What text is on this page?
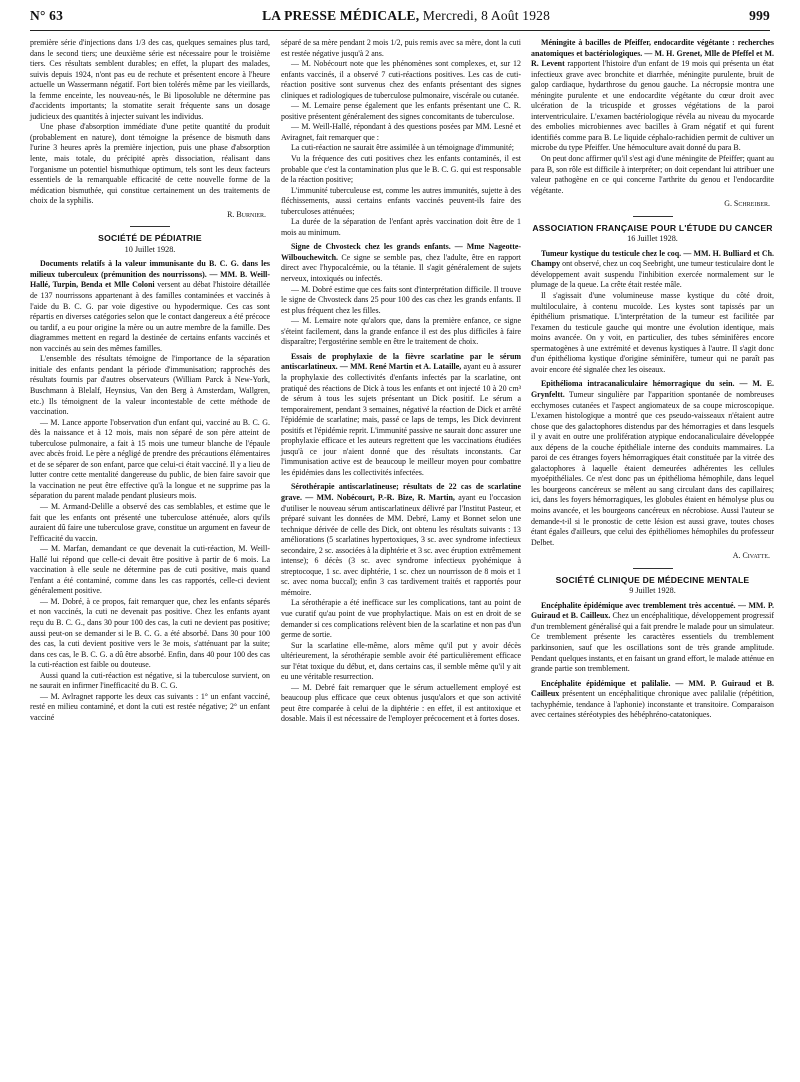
N° 63	LA PRESSE MÉDICALE, Mercredi, 8 Août 1928	999

première série d'injections dans 1/3 des cas, quelques semaines plus tard, dans le second tiers; une deuxième série est nécessaire pour le troisième tiers. Ces résultats semblent durables; en effet, la plupart des malades, suivis depuis 1924, n'ont pas eu de rechute et présentent encore à l'heure actuelle un Wassermann négatif. Fort bien tolérés même par les vieillards, la femme enceinte, les nouveau-nés, le Bi liposoluble ne détermine pas d'accidents importants; la stomatite serait fréquente sans un dosage judicieux des quantités à injecter suivant les individus.

Une phase d'absorption immédiate d'une petite quantité du produit (probablement en nature), dont témoigne la présence de bismuth dans l'urine 3 heures après la première injection, puis une phase d'absorption lente, mais totale, du précipité après dissociation, réalisant dans l'organisme un potentiel bismuthique optimum, tels sont les deux facteurs essentiels de la remarquable efficacité de cette nouvelle forme de la médication bismuthée, qui constitue certainement un des traitements de choix de la syphilis.

R. Burnier.
SOCIÉTÉ DE PÉDIATRIE
10 Juillet 1928.

Documents relatifs à la valeur immunisante du B. C. G. dans les milieux tuberculeux (prémunition des nourrissons). — MM. B. Weill-Hallé, Turpin, Benda et Mlle Coloni versent au débat l'histoire détaillée de 137 nourrissons appartenant à des familles contaminées et vaccinés à l'aide du B. C. G. par voie digestive ou hypodermique. Ces cas sont répartis en diverses catégories selon que le contact dangereux a été précoce ou tardif, a eu pour origine la mère ou un autre membre de la famille. Des diagrammes mettent en regard la destinée de certains enfants vaccinés et non vaccinés au sein des mêmes familles.

L'ensemble des résultats témoigne de l'importance de la séparation initiale des enfants pendant la période d'immunisation; rapprochés des résultats fournis par d'autres observateurs (William Parck à New-York, Buschmann à Blelalf, Heynsius, Van den Berg à Amsterdam, Wallgren, etc.) Ils témoignent de la valeur incontestable de cette méthode de vaccination.

— M. Lance apporte l'observation d'un enfant qui, vacciné au B. C. G. dès la naissance et à 12 mois, mais non séparé de son père atteint de tuberculose pulmonaire, a fait à 15 mois une tumeur blanche de l'épaule avec abcès froid. Le père a négligé de prendre des précautions élémentaires et de se séparer de son enfant, parce que celui-ci était vacciné. Il y a lieu de lutter contre cette mentalité dangereuse du public, de bien faire savoir que la vaccination ne peut être effective qu'à la longue et ne supprime pas la séparation du parent malade pendant plusieurs mois.

— M. Armand-Delille a observé des cas semblables, et estime que le fait que les enfants ont présenté une tuberculose atténuée, alors qu'ils auraient dû faire une tuberculose grave, constitue un argument en faveur de l'efficacité du vaccin.

— M. Marfan, demandant ce que devenait la cuti-réaction, M. Weill-Hallé lui répond que celle-ci devait être positive à partir de 6 mois. La vaccination à elle seule ne détermine pas de cuti positive, mais quand l'enfant a été contaminé, comme dans les cas rapportés, celle-ci devient généralement positive.

— M. Dobré, à ce propos, fait remarquer que, chez les enfants séparés et non vaccinés, la cuti ne devenait pas positive. Chez les enfants ayant reçu du B. C. G., dans 30 pour 100 des cas, la cuti ne devient pas positive; aussi peut-on se demander si le B. C. G. a été absorbé. Dans 30 pour 100 des cas, la cuti devient positive vers le 3e mois, s'atténuant par la suite; dans ces cas, le B. C. G. a dû être absorbé. Enfin, dans 40 pour 100 des cas la cuti-réaction est faible ou douteuse.

Aussi quand la cuti-réaction est négative, si la tuberculose survient, on ne saurait en infirmer l'inefficacité du B. C. G.

— M. Avlragnet rapporte les deux cas suivants : 1° un enfant vacciné, resté en milieu contaminé, et dont la cuti est restée négative; 2° un enfant vacciné

séparé de sa mère pendant 2 mois 1/2, puis remis avec sa mère, dont la cuti est restée négative jusqu'à 2 ans.

— M. Nobécourt note que les phénomènes sont complexes, et, sur 12 enfants vaccinés, il a observé 7 cuti-réactions positives. Les cas de cuti-réaction positive sont survenus chez des enfants présentant des signes cliniques et radiologiques de tuberculose pulmonaire, viscérale ou cutanée.

— M. Lemaire pense également que les enfants présentant une C. R. positive présentent généralement des signes concomitants de tuberculose.

— M. Weill-Hallé, répondant à des questions posées par MM. Lesné et Aviragnet, fait remarquer que :

La cuti-réaction ne saurait être assimilée à un témoignage d'immunité;

Vu la fréquence des cuti positives chez les enfants contaminés, il est probable que c'est la contamination plus que le B. C. G. qui est responsable de la réaction positive;

L'immunité tuberculeuse est, comme les autres immunités, sujette à des fléchissements, aussi certains enfants vaccinés peuvent-ils faire des tuberculoses atténuées;

La durée de la séparation de l'enfant après vaccination doit être de 1 mois au minimum.

Signe de Chvosteck chez les grands enfants. — Mme Nageotte-Wilbouchewitch. Ce signe se semble pas, chez l'adulte, être en rapport direct avec l'hypocalcémie, ou la tétanie. Il s'agit généralement de sujets nerveux, intoxiqués ou infectés.

— M. Dobré estime que ces faits sont d'interprétation difficile. Il trouve le signe de Chvosteck dans 25 pour 100 des cas chez les grands enfants. Il est plus fréquent chez les filles.

— M. Lemaire note qu'alors que, dans la première enfance, ce signe s'éteint facilement, dans la grande enfance il est des plus difficiles à faire disparaître; l'ergostérine semble en être le traitement de choix.

Essais de prophylaxie de la fièvre scarlatine par le sérum antiscarlatineux. — MM. René Martin et A. Lataille, ayant eu à assurer la prophylaxie des collectivités d'enfants infectés par la scarlatine, ont pratiqué des réactions de Dick à tous les enfants et ont injecté 10 à 20 cm³ de sérum à tous les sujets présentant un Dick positif. Le sérum a temporairement, pendant 3 semaines, négativé la réaction de Dick et arrêté l'épidémie de scarlatine; mais, passé ce laps de temps, les Dick devinrent positifs et l'épidémie reprit. L'immunité passive ne saurait donc assurer une prophylaxie efficace et les auteurs regrettent que les vaccinations étudiées jusqu'à ce jour n'aient donné que des résultats inconstants. Car l'immunisation active est de beaucoup le meilleur moyen pour combattre les épidémies dans les collectivités infectées.

Sérothérapie antiscarlatineuse; résultats de 22 cas de scarlatine grave. — MM. Nobécourt, P.-R. Bize, R. Martin, ayant eu l'occasion d'utiliser le nouveau sérum antiscarlatineux délivré par l'Institut Pasteur, et préparé suivant les données de MM. Debré, Lamy et Bonnet selon une technique dérivée de celle des Dick, ont obtenu les résultats suivants : 13 améliorations (5 scarlatines hypertoxiques, 3 sc. avec syndrome infectieux secondaire, 2 sc. associées à la diphtérie et 3 sc. avec éruption extrêmement intense); 6 décès (3 sc. avec syndrome infectieux pyohémique à streptocoque, 1 sc. avec diphtérie, 1 sc. chez un nourrisson de 8 mois et 1 sc. avec noma buccal); enfin 3 cas tardivement traités et rapportés pour mémoire.

La sérothérapie a été inefficace sur les complications, tant au point de vue curatif qu'au point de vue prophylactique. Mais on est en droit de se demander si ces complications relèvent bien de la scarlatine et non pas d'un germe de sortie.

Sur la scarlatine elle-même, alors même qu'il put y avoir décès ultérieurement, la sérothérapie semble avoir été particulièrement efficace sur l'état toxique du début, et, dans certains cas, il semble même qu'il y ait eu une véritable resurrection.

— M. Debré fait remarquer que le sérum actuellement employé est beaucoup plus efficace que ceux obtenus jusqu'alors et que son activité peut être comparée à celui de la diphtérie : en effet, il est antitoxique et dosable. Mais il est nécessaire de l'employer précocement et à fortes doses.

Méningite à bacilles de Pfeiffer, endocardite végétante : recherches anatomiques et bactériologiques. — M. H. Grenet, Mlle de Pfeffel et M. R. Levent rapportent l'histoire d'un enfant de 19 mois qui présenta un état infectieux grave avec bronchite et diarrhée, méningite purulente, bruit de galop cardiaque, hydarthrose du genou gauche. La nécropsie montra une méningite purulente et une endocardite végétante du cœur droit avec ulcération de la tricuspide et grosses végétations de la paroi interventriculaire. L'examen bactériologique révéla au niveau du myocarde des embolies microbiennes avec bacilles à Gram négatif et qui furent identifiés comme para B. Le liquide céphalo-rachidien permit de cultiver un microbe du type Pfeiffer. Une hémoculture avait donné du para B.

On peut donc affirmer qu'il s'est agi d'une méningite de Pfeiffer; quant au para B, son rôle est difficile à interpréter; on doit cependant lui attribuer une valeur pathogène en ce qui concerne l'arthrite du genou et l'endocardite végétante.

G. Schreiber.
ASSOCIATION FRANÇAISE POUR L'ÉTUDE DU CANCER
16 Juillet 1928.

Tumeur kystique du testicule chez le coq. — MM. H. Bulliard et Ch. Champy ont observé, chez un coq Seebright, une tumeur testiculaire dont le développement avait suspendu l'inhibition exercée normalement sur le plumage de la queue. La crête était restée mâle.

Il s'agissait d'une volumineuse masse kystique du côté droit, multiloculaire, à contenu mucoïde. Les kystes sont tapissés par un épithélium prismatique. L'interprétation de la tumeur est facilitée par l'examen du testicule gauche qui montre une évolution identique, mais moins avancée. On y voit, en particulier, des tubes séminifères encore spermatogènes à une extrémité et devenus kystiques à l'autre. Il s'agit donc d'un épithélioma kystique d'origine séminifère, tumeur qui ne paraît pas avoir encore été signalée chez les oiseaux.

Epithélioma intracanaliculaire hémorragique du sein. — M. E. Grynfeltt. Tumeur singulière par l'apparition spontanée de nombreuses ecchymoses cutanées et l'aspect angiomateux de sa coupe microscopique. L'examen histologique a montré que ces pseudo-vaisseaux n'étaient autre chose que des galactophores distendus par des hémorragies et dans lesquels il y avait en outre une prolifération atypique endocanaliculaire développée aux dépens de la couche épithéliale interne des conduits mammaires. La paroi de ces étranges foyers hémorragiques était constituée par la vitrée des galactophores à laquelle étaient demeurées adhérentes les cellules myoépithéliales. Ce n'est donc pas un épithélioma hémophile, dans lequel les bourgeons cancéreux se mêlent au sang circulant dans des capillaires; ici, dans les foyers hémorragiques, les globules étaient en hémolyse plus ou moins avancée, et les bourgeons cancéreux en nécrobiose. Aussi l'auteur se demande-t-il si le pronostic de cette lésion est aussi grave, toutes choses étant égales d'ailleurs, que celui des épithéliomes hémophiles du professeur Delbet.

A. Civatte.
SOCIÉTÉ CLINIQUE DE MÉDECINE MENTALE
9 Juillet 1928.

Encéphalite épidémique avec tremblement très accentué. — MM. P. Guiraud et B. Cailleux. Chez un encéphalitique, développement progressif d'un tremblement généralisé qui a fait prendre le malade pour un simulateur. Ce tremblement présente les caractères essentiels du tremblement parkinsonien, sauf que les oscillations sont de très grande amplitude. Pendant quelques instants, et en faisant un grand effort, le malade atténue en grande partie son tremblement.

Encéphalite épidémique et palilalie. — MM. P. Guiraud et B. Cailleux présentent un encéphalitique chronique avec palilalie (répétition, tachyphémie, tendance à l'aphonie) inconstante et transitoire. Comparaison avec certaines stéréotypies des hébéphréno-catatoniques.
